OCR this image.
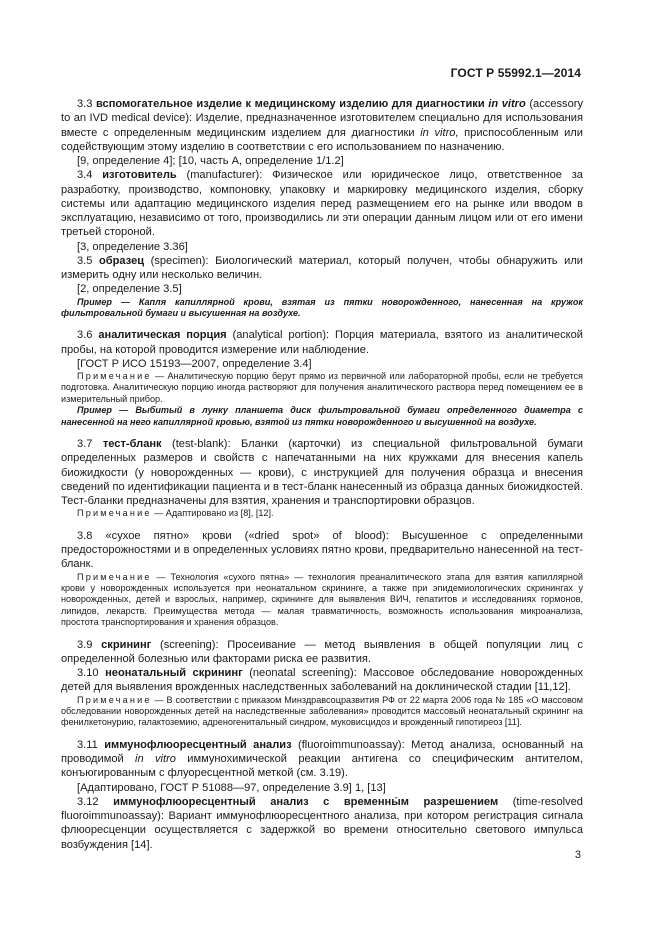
ГОСТ Р 55992.1—2014

3.3 вспомогательное изделие к медицинскому изделию для диагностики in vitro (accessory to an IVD medical device): Изделие, предназначенное изготовителем специально для использования вместе с определенным медицинским изделием для диагностики in vitro, приспособленным или содействующим этому изделию в соответствии с его использованием по назначению.

[9, определение 4]; [10, часть А, определение 1/1.2]

3.4 изготовитель (manufacturer): Физическое или юридическое лицо, ответственное за разработку, производство, компоновку, упаковку и маркировку медицинского изделия, сборку системы или адаптацию медицинского изделия перед размещением его на рынке или вводом в эксплуатацию, независимо от того, производились ли эти операции данным лицом или от его имени третьей стороной.

[3, определение 3.36]

3.5 образец (specimen): Биологический материал, который получен, чтобы обнаружить или измерить одну или несколько величин.

[2, определение 3.5]

Пример — Капля капиллярной крови, взятая из пятки новорожденного, нанесенная на кружок фильтровальной бумаги и высушенная на воздухе.

3.6 аналитическая порция (analytical portion): Порция материала, взятого из аналитической пробы, на которой проводится измерение или наблюдение.

[ГОСТ Р ИСО 15193—2007, определение 3.4]

Примечание — Аналитическую порцию берут прямо из первичной или лабораторной пробы, если не требуется подготовка. Аналитическую порцию иногда растворяют для получения аналитического раствора перед помещением ее в измерительный прибор.

Пример — Выбитый в лунку планшета диск фильтровальной бумаги определенного диаметра с нанесенной на него капиллярной кровью, взятой из пятки новорожденного и высушенной на воздухе.

3.7 тест-бланк (test-blank): Бланки (карточки) из специальной фильтровальной бумаги определенных размеров и свойств с напечатанными на них кружками для внесения капель биожидкости (у новорожденных — крови), с инструкцией для получения образца и внесения сведений по идентификации пациента и в тест-бланк нанесенный из образца данных биожидкостей. Тест-бланки предназначены для взятия, хранения и транспортировки образцов.

Примечание — Адаптировано из [8], [12].

3.8 «сухое пятно» крови («dried spot» of blood): Высушенное с определенными предосторожностями и в определенных условиях пятно крови, предварительно нанесенной на тест-бланк.

Примечание — Технология «сухого пятна» — технология преаналитического этапа для взятия капиллярной крови у новорожденных используется при неонатальном скрининге, а также при эпидемиологических скринингах у новорожденных, детей и взрослых, например, скрининге для выявления ВИЧ, гепатитов и исследованиях гормонов, липидов, лекарств. Преимущества метода — малая травматичность, возможность использования микроанализа, простота транспортирования и хранения образцов.

3.9 скрининг (screening): Просеивание — метод выявления в общей популяции лиц с определенной болезнью или факторами риска ее развития.

3.10 неонатальный скрининг (neonatal screening): Массовое обследование новорожденных детей для выявления врожденных наследственных заболеваний на доклинической стадии [11,12].

Примечание — В соответствии с приказом Минздравсоцразвития РФ от 22 марта 2006 года № 185 «О массовом обследовании новорожденных детей на наследственные заболевания» проводится массовый неонатальный скрининг на фенилкетонурию, галактоземию, адреногенитальный синдром, муковисцидоз и врожденный гипотиреоз [11].

3.11 иммунофлюоресцентный анализ (fluoroimmunoassay): Метод анализа, основанный на проводимой in vitro иммунохимической реакции антигена со специфическим антителом, конъюгированным с флуоресцентной меткой (см. 3.19).

[Адаптировано, ГОСТ Р 51088—97, определение 3.9] 1, [13]

3.12 иммунофлюоресцентный анализ с временны́м разрешением (time-resolved fluoroimmunoassay): Вариант иммунофлюоресцентного анализа, при котором регистрация сигнала флюоресценции осуществляется с задержкой во времени относительно светового импульса возбуждения [14].

3
